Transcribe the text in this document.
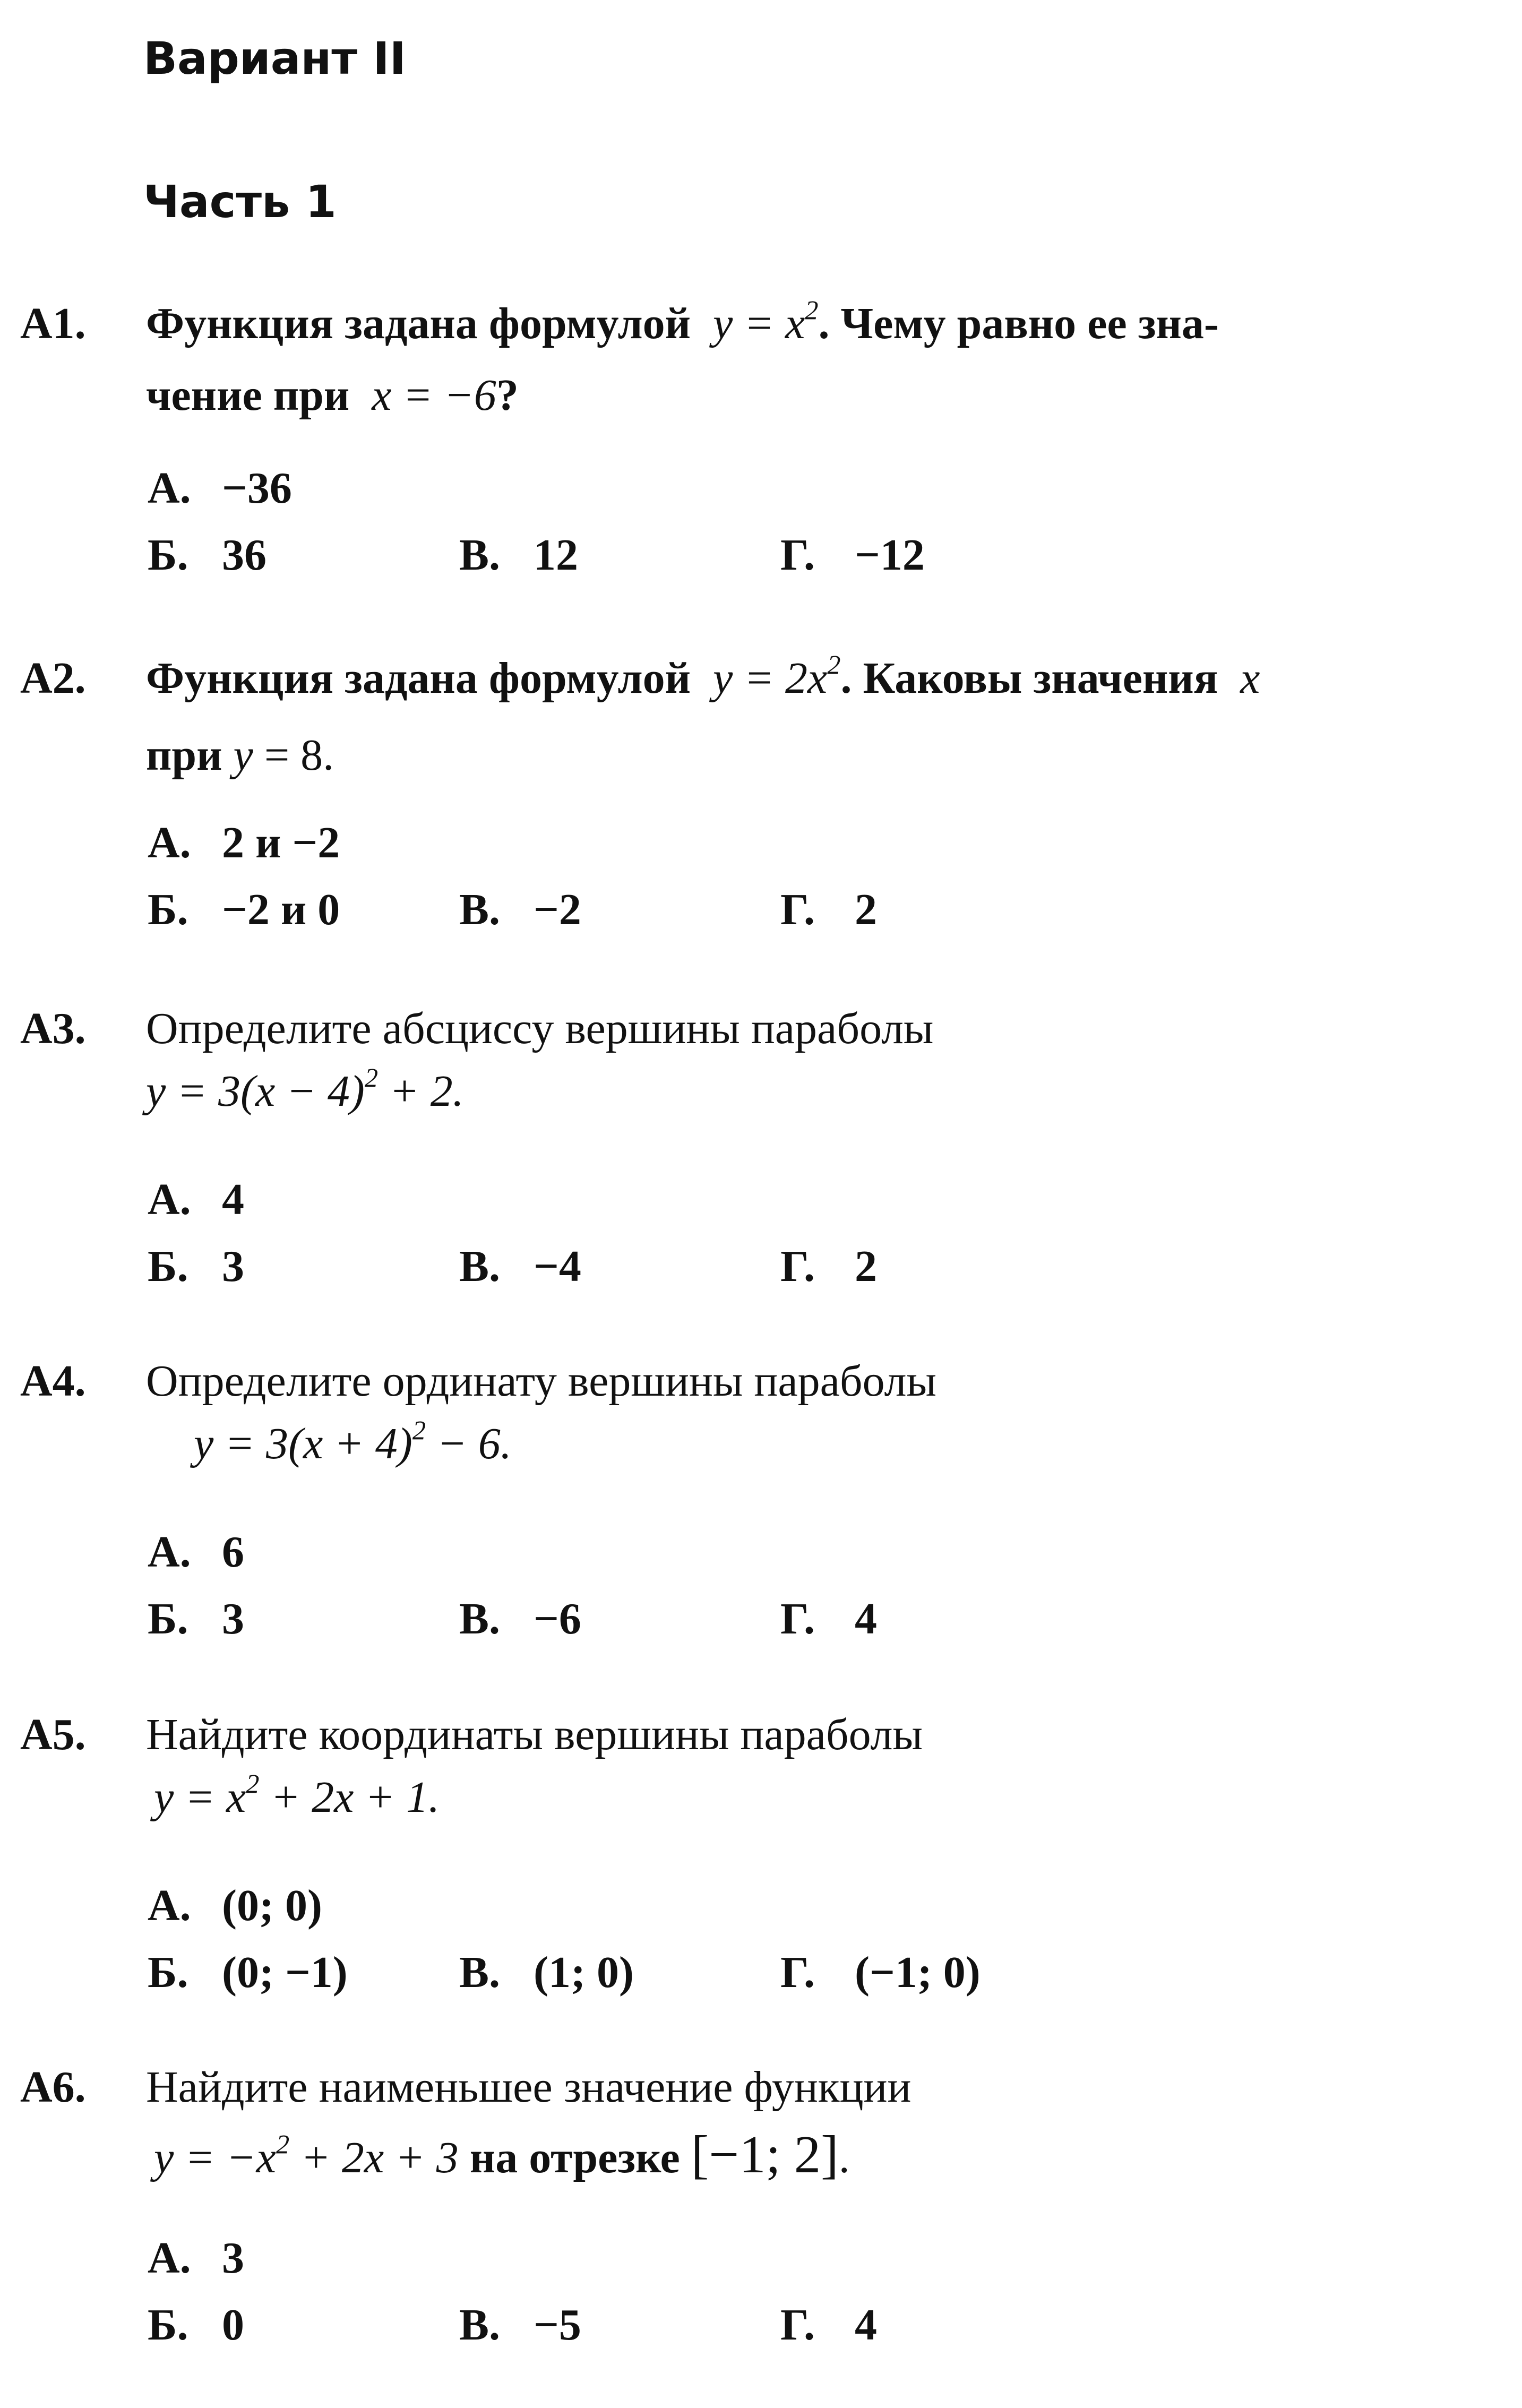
Вариант II
Часть 1
A1. Функция задана формулой $y = x^2$. Чему равно ее зна-
чение при x = −6?
А. −36
Б. 36	В. 12	Г. −12
A2. Функция задана формулой $y = 2x^2$. Каковы значения x
при y = 8.
А. 2 и −2
Б. −2 и 0	В. −2	Г. 2
A3. Определите абсциссу вершины параболы
$y = 3(x - 4)^2 + 2$.
А. 4
Б. 3	В. −4	Г. 2
A4. Определите ординату вершины параболы
$y = 3(x + 4)^2 - 6$.
А. 6
Б. 3	В. −6	Г. 4
A5. Найдите координаты вершины параболы
$y = x^2 + 2x + 1$.
А. (0; 0)
Б. (0; −1)	В. (1; 0)	Г. (−1; 0)
A6. Найдите наименьшее значение функции
$y = -x^2 + 2x + 3$ на отрезке [−1; 2].
А. 3
Б. 0	В. −5	Г. 4
